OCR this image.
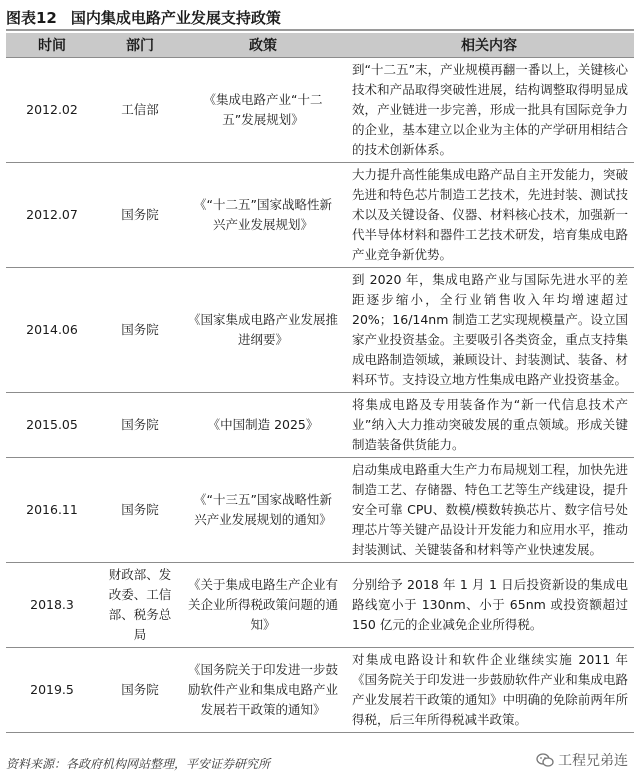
图表12 国内集成电路产业发展支持政策
时间	部门	政策	相关内容
2012.02	工信部	《集成电路产业“十二五”发展规划》	到“十二五”末，产业规模再翻一番以上，关键核心技术和产品取得突破性进展，结构调整取得明显成效，产业链进一步完善，形成一批具有国际竞争力的企业，基本建立以企业为主体的产学研用相结合的技术创新体系。
2012.07	国务院	《“十二五”国家战略性新兴产业发展规划》	大力提升高性能集成电路产品自主开发能力，突破先进和特色芯片制造工艺技术，先进封装、测试技术以及关键设备、仪器、材料核心技术，加强新一代半导体材料和器件工艺技术研发，培育集成电路产业竞争新优势。
2014.06	国务院	《国家集成电路产业发展推进纲要》	到 2020 年，集成电路产业与国际先进水平的差距逐步缩小，全行业销售收入年均增速超过 20%；16/14nm 制造工艺实现规模量产。设立国家产业投资基金。主要吸引各类资金，重点支持集成电路制造领域，兼顾设计、封装测试、装备、材料环节。支持设立地方性集成电路产业投资基金。
2015.05	国务院	《中国制造 2025》	将集成电路及专用装备作为“新一代信息技术产业”纳入大力推动突破发展的重点领域。形成关键制造装备供货能力。
2016.11	国务院	《“十三五”国家战略性新兴产业发展规划的通知》	启动集成电路重大生产力布局规划工程，加快先进制造工艺、存储器、特色工艺等生产线建设，提升安全可靠 CPU、数模/模数转换芯片、数字信号处理芯片等关键产品设计开发能力和应用水平，推动封装测试、关键装备和材料等产业快速发展。
2018.3	财政部、发改委、工信部、税务总局	《关于集成电路生产企业有关企业所得税政策问题的通知》	分别给予 2018 年 1 月 1 日后投资新设的集成电路线宽小于 130nm、小于 65nm 或投资额超过 150 亿元的企业减免企业所得税。
2019.5	国务院	《国务院关于印发进一步鼓励软件产业和集成电路产业发展若干政策的通知》	对集成电路设计和软件企业继续实施 2011 年《国务院关于印发进一步鼓励软件产业和集成电路产业发展若干政策的通知》中明确的免除前两年所得税，后三年所得税减半政策。
资料来源：各政府机构网站整理，平安证券研究所	工程兄弟连
